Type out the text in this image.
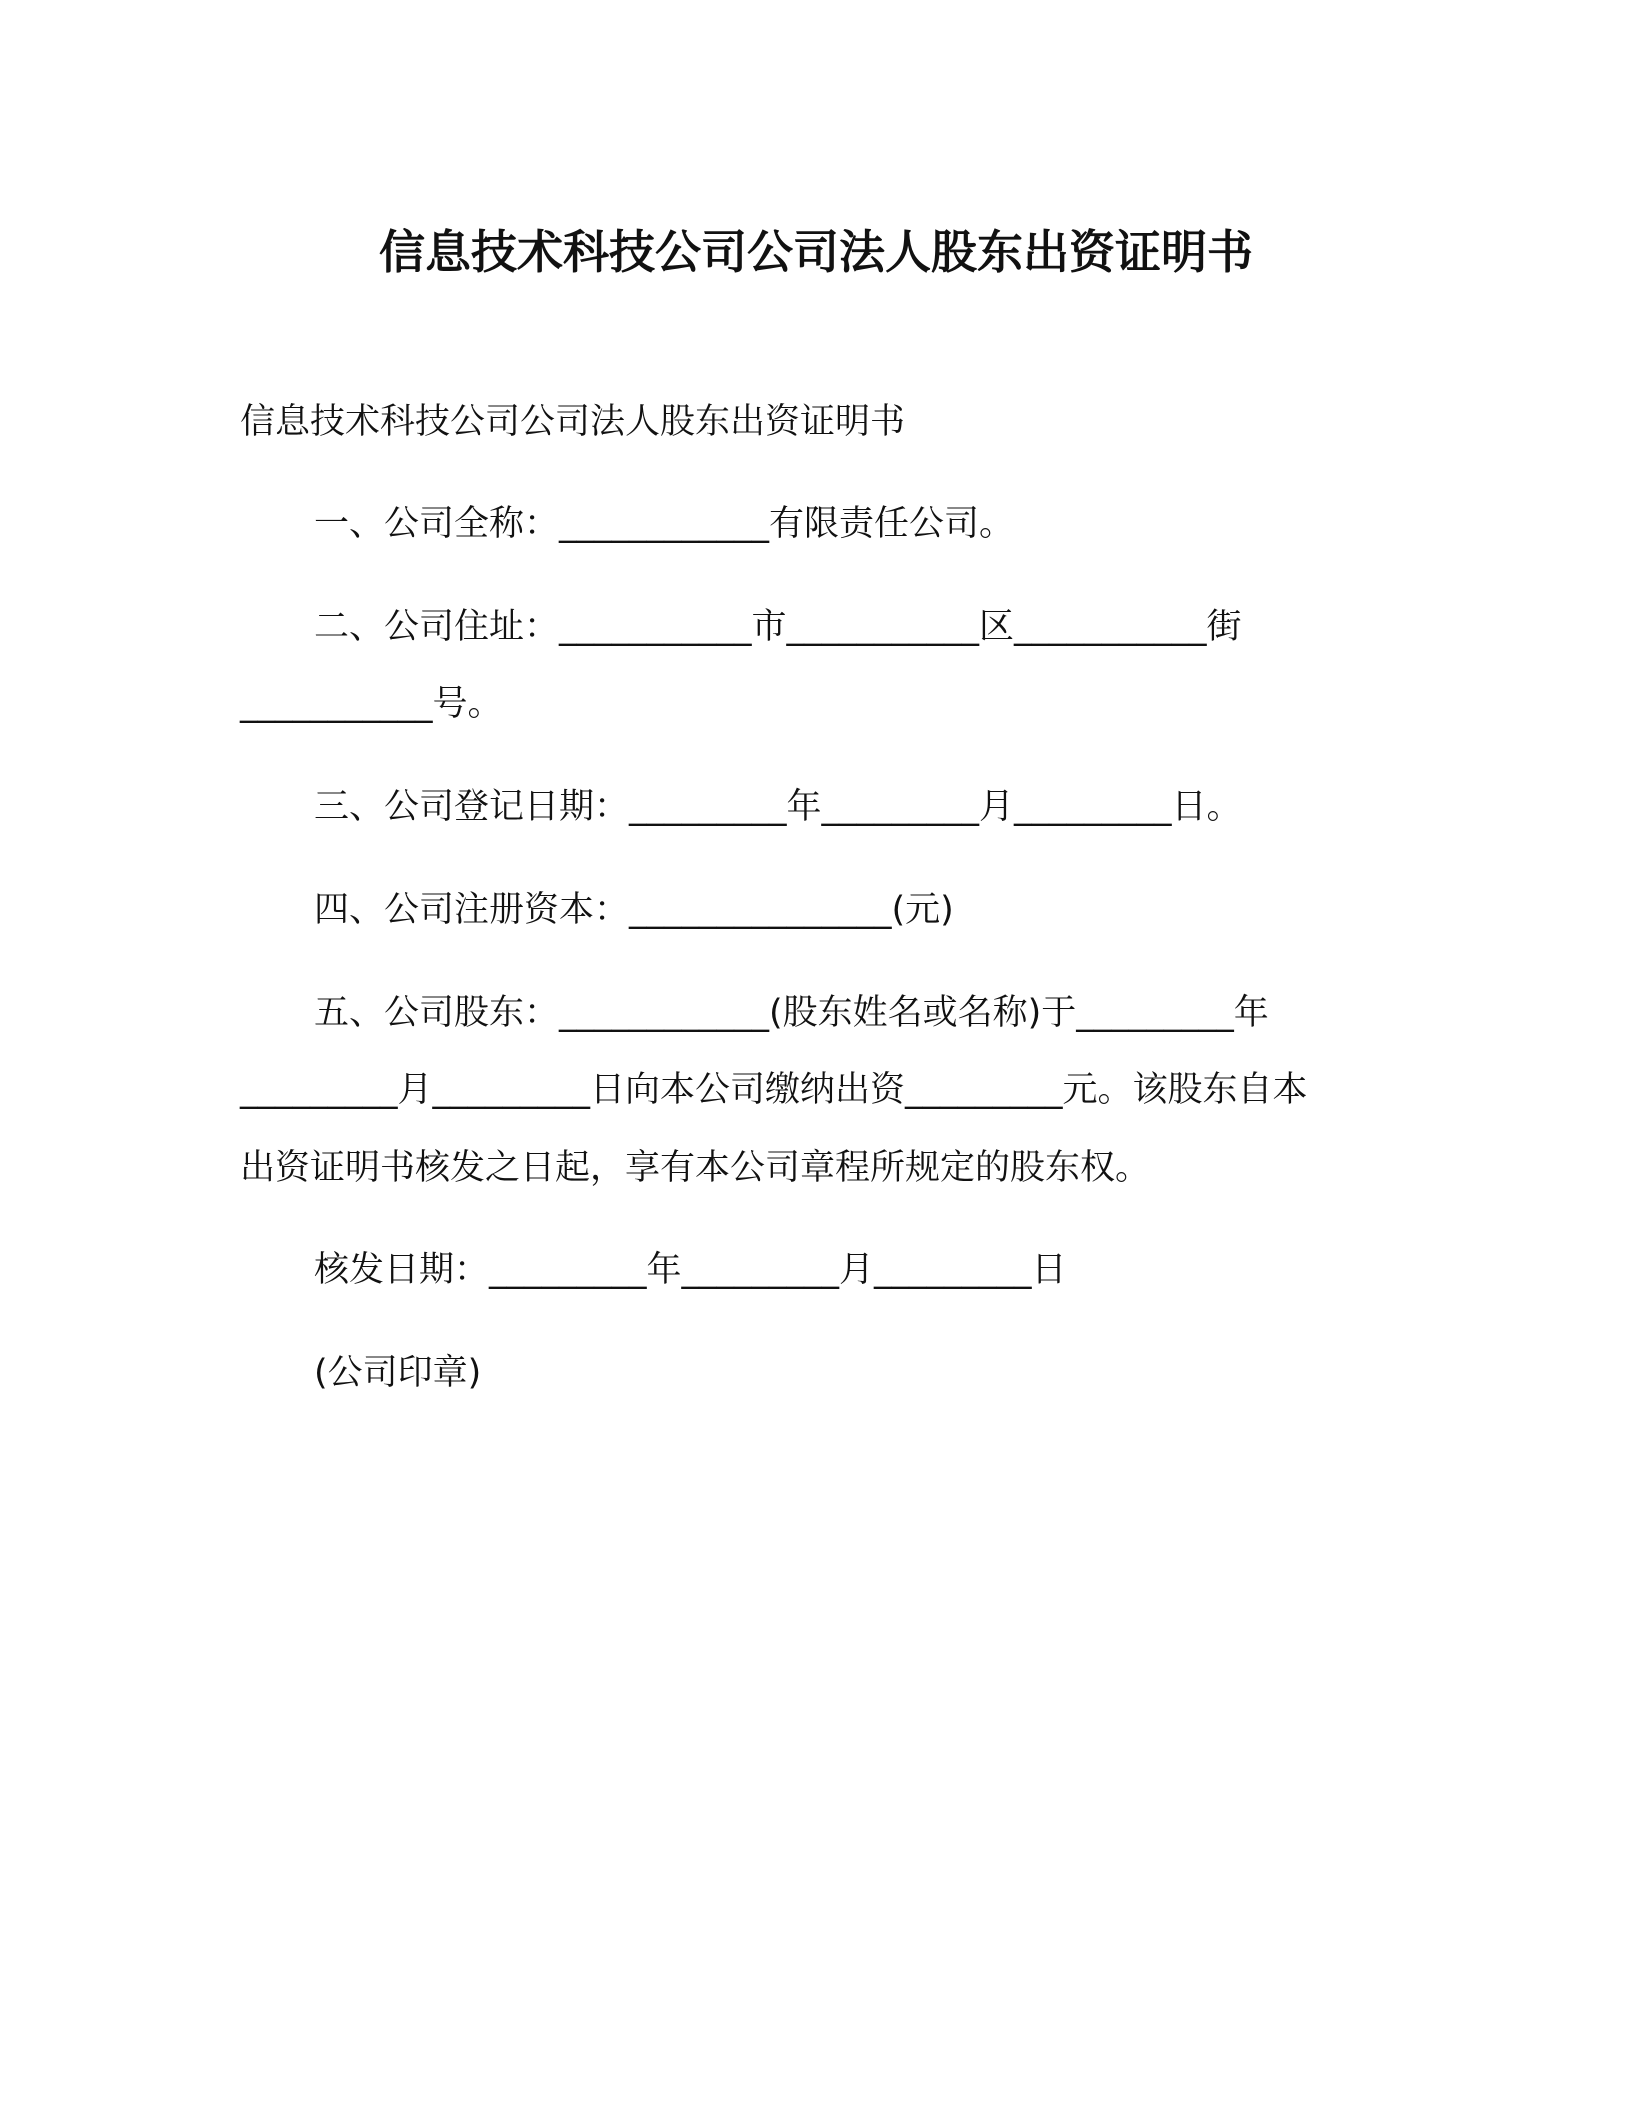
信息技术科技公司公司法人股东出资证明书
信息技术科技公司公司法人股东出资证明书
一、公司全称：____________有限责任公司。
二、公司住址：___________市___________区___________街
___________号。
三、公司登记日期：_________年_________月_________日。
四、公司注册资本：_______________(元)
五、公司股东：____________(股东姓名或名称)于_________年
_________月_________日向本公司缴纳出资_________元。该股东自本
出资证明书核发之日起，享有本公司章程所规定的股东权。
核发日期：_________年_________月_________日
(公司印章)
